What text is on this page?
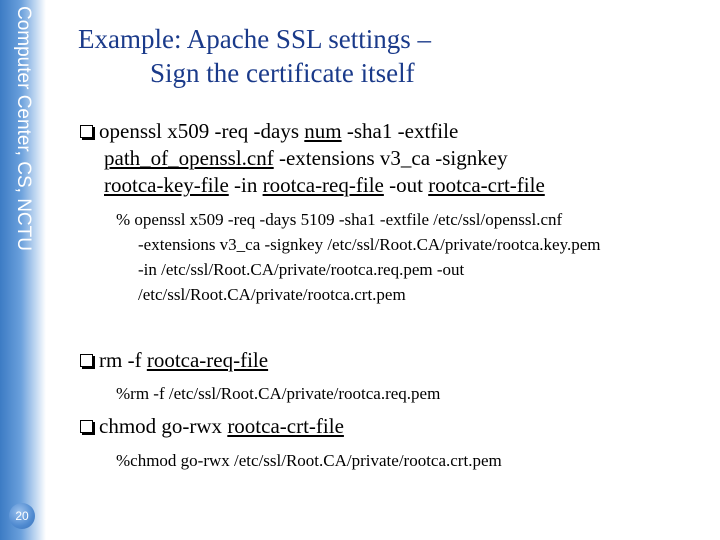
Computer Center, CS, NCTU
20
Example: Apache SSL settings –
Sign the certificate itself
openssl x509 -req -days num -sha1 -extfile
path_of_openssl.cnf -extensions v3_ca -signkey
rootca-key-file -in rootca-req-file -out rootca-crt-file
% openssl x509 -req -days 5109 -sha1 -extfile /etc/ssl/openssl.cnf
-extensions v3_ca -signkey /etc/ssl/Root.CA/private/rootca.key.pem
-in /etc/ssl/Root.CA/private/rootca.req.pem -out
/etc/ssl/Root.CA/private/rootca.crt.pem
rm -f rootca-req-file
%rm -f /etc/ssl/Root.CA/private/rootca.req.pem
chmod go-rwx rootca-crt-file
%chmod go-rwx /etc/ssl/Root.CA/private/rootca.crt.pem
